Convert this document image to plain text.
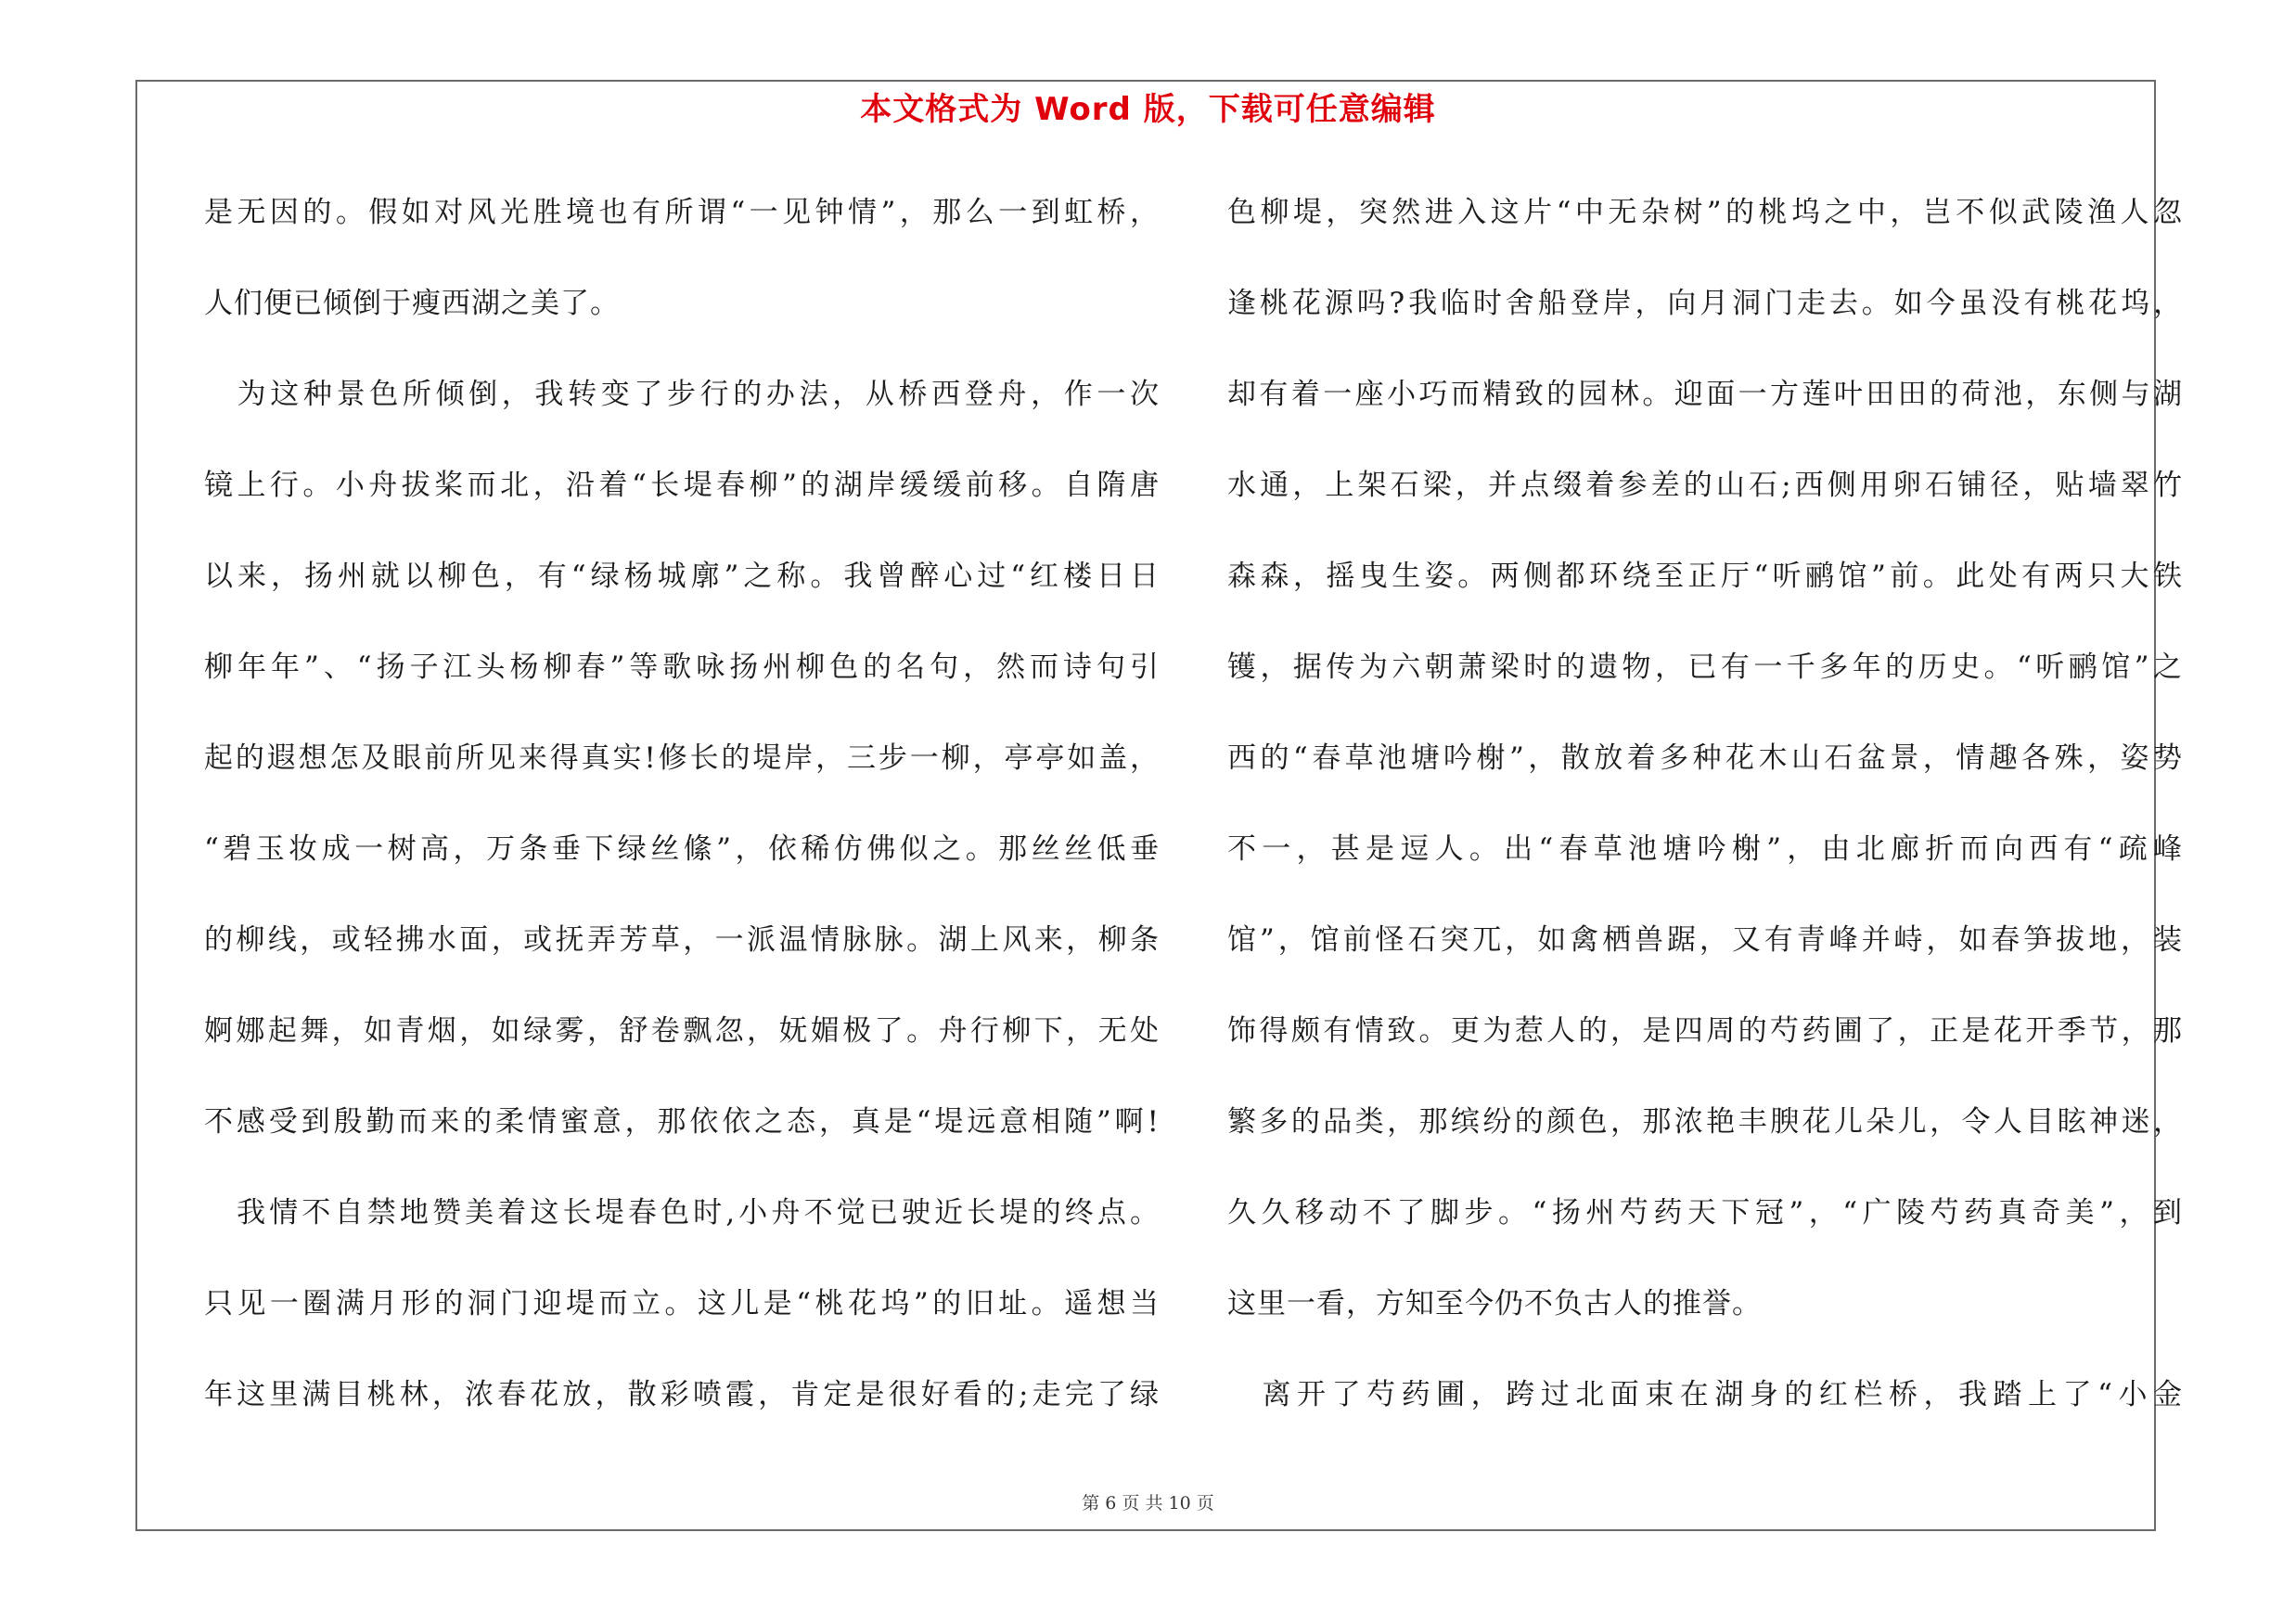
本文格式为 Word 版，下载可任意编辑
是无因的。假如对风光胜境也有所谓“一见钟情”，那么一到虹桥，
人们便已倾倒于瘦西湖之美了。
　为这种景色所倾倒，我转变了步行的办法，从桥西登舟，作一次
镜上行。小舟拔桨而北，沿着“长堤春柳”的湖岸缓缓前移。自隋唐
以来，扬州就以柳色，有“绿杨城廓”之称。我曾醉心过“红楼日日
柳年年”、“扬子江头杨柳春”等歌咏扬州柳色的名句，然而诗句引
起的遐想怎及眼前所见来得真实!修长的堤岸，三步一柳，亭亭如盖，
“碧玉妆成一树高，万条垂下绿丝絛”，依稀仿佛似之。那丝丝低垂
的柳线，或轻拂水面，或抚弄芳草，一派温情脉脉。湖上风来，柳条
婀娜起舞，如青烟，如绿雾，舒卷飘忽，妩媚极了。舟行柳下，无处
不感受到殷勤而来的柔情蜜意，那依依之态，真是“堤远意相随”啊!
　我情不自禁地赞美着这长堤春色时,小舟不觉已驶近长堤的终点。
只见一圈满月形的洞门迎堤而立。这儿是“桃花坞”的旧址。遥想当
年这里满目桃林，浓春花放，散彩喷霞，肯定是很好看的;走完了绿
色柳堤，突然进入这片“中无杂树”的桃坞之中，岂不似武陵渔人忽
逢桃花源吗?我临时舍船登岸，向月洞门走去。如今虽没有桃花坞，
却有着一座小巧而精致的园林。迎面一方莲叶田田的荷池，东侧与湖
水通，上架石梁，并点缀着参差的山石;西侧用卵石铺径，贴墙翠竹
森森，摇曳生姿。两侧都环绕至正厅“听鹂馆”前。此处有两只大铁
镬，据传为六朝萧梁时的遗物，已有一千多年的历史。“听鹂馆”之
西的“春草池塘吟榭”，散放着多种花木山石盆景，情趣各殊，姿势
不一，甚是逗人。出“春草池塘吟榭”，由北廊折而向西有“疏峰
馆”，馆前怪石突兀，如禽栖兽踞，又有青峰并峙，如春笋拔地，装
饰得颇有情致。更为惹人的，是四周的芍药圃了，正是花开季节，那
繁多的品类，那缤纷的颜色，那浓艳丰腴花儿朵儿，令人目眩神迷，
久久移动不了脚步。“扬州芍药天下冠”，“广陵芍药真奇美”，到
这里一看，方知至今仍不负古人的推誉。
　离开了芍药圃，跨过北面束在湖身的红栏桥，我踏上了“小金
第 6 页 共 10 页
